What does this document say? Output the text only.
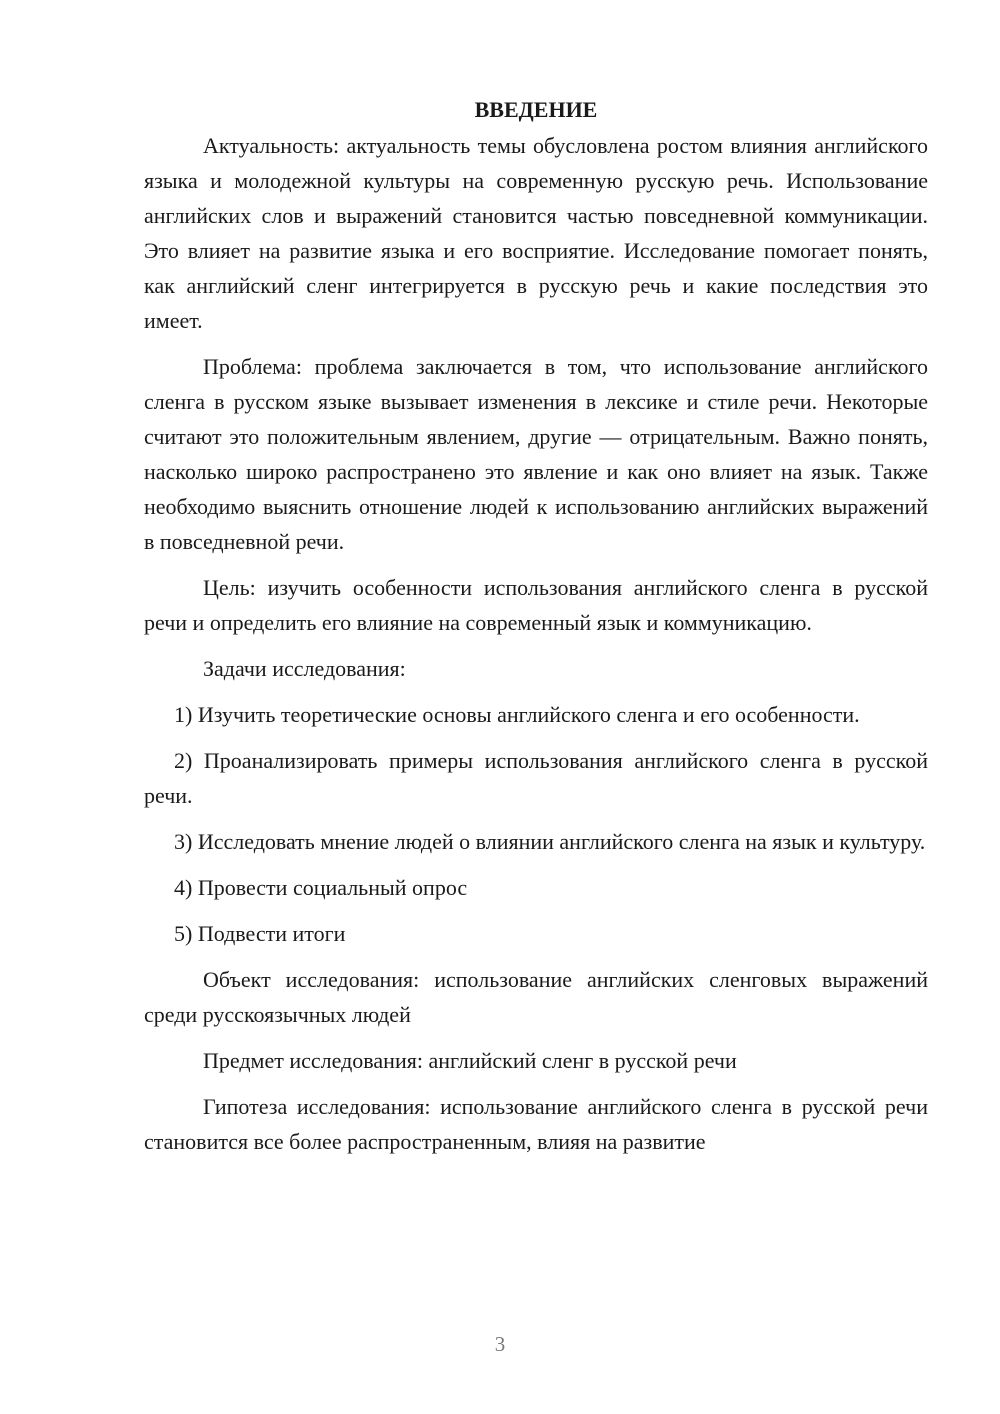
ВВЕДЕНИЕ

Актуальность: актуальность темы обусловлена ростом влияния английского языка и молодежной культуры на современную русскую речь. Использование английских слов и выражений становится частью повседневной коммуникации. Это влияет на развитие языка и его восприятие. Исследование помогает понять, как английский сленг интегрируется в русскую речь и какие последствия это имеет.

Проблема: проблема заключается в том, что использование английского сленга в русском языке вызывает изменения в лексике и стиле речи. Некоторые считают это положительным явлением, другие — отрицательным. Важно понять, насколько широко распространено это явление и как оно влияет на язык. Также необходимо выяснить отношение людей к использованию английских выражений в повседневной речи.

Цель: изучить особенности использования английского сленга в русской речи и определить его влияние на современный язык и коммуникацию.

Задачи исследования:

1) Изучить теоретические основы английского сленга и его особенности.

2) Проанализировать примеры использования английского сленга в русской речи.

3) Исследовать мнение людей о влиянии английского сленга на язык и культуру.

4) Провести социальный опрос

5) Подвести итоги

Объект исследования: использование английских сленговых выражений среди русскоязычных людей

Предмет исследования: английский сленг в русской речи

Гипотеза исследования: использование английского сленга в русской речи становится все более распространенным, влияя на развитие

3
